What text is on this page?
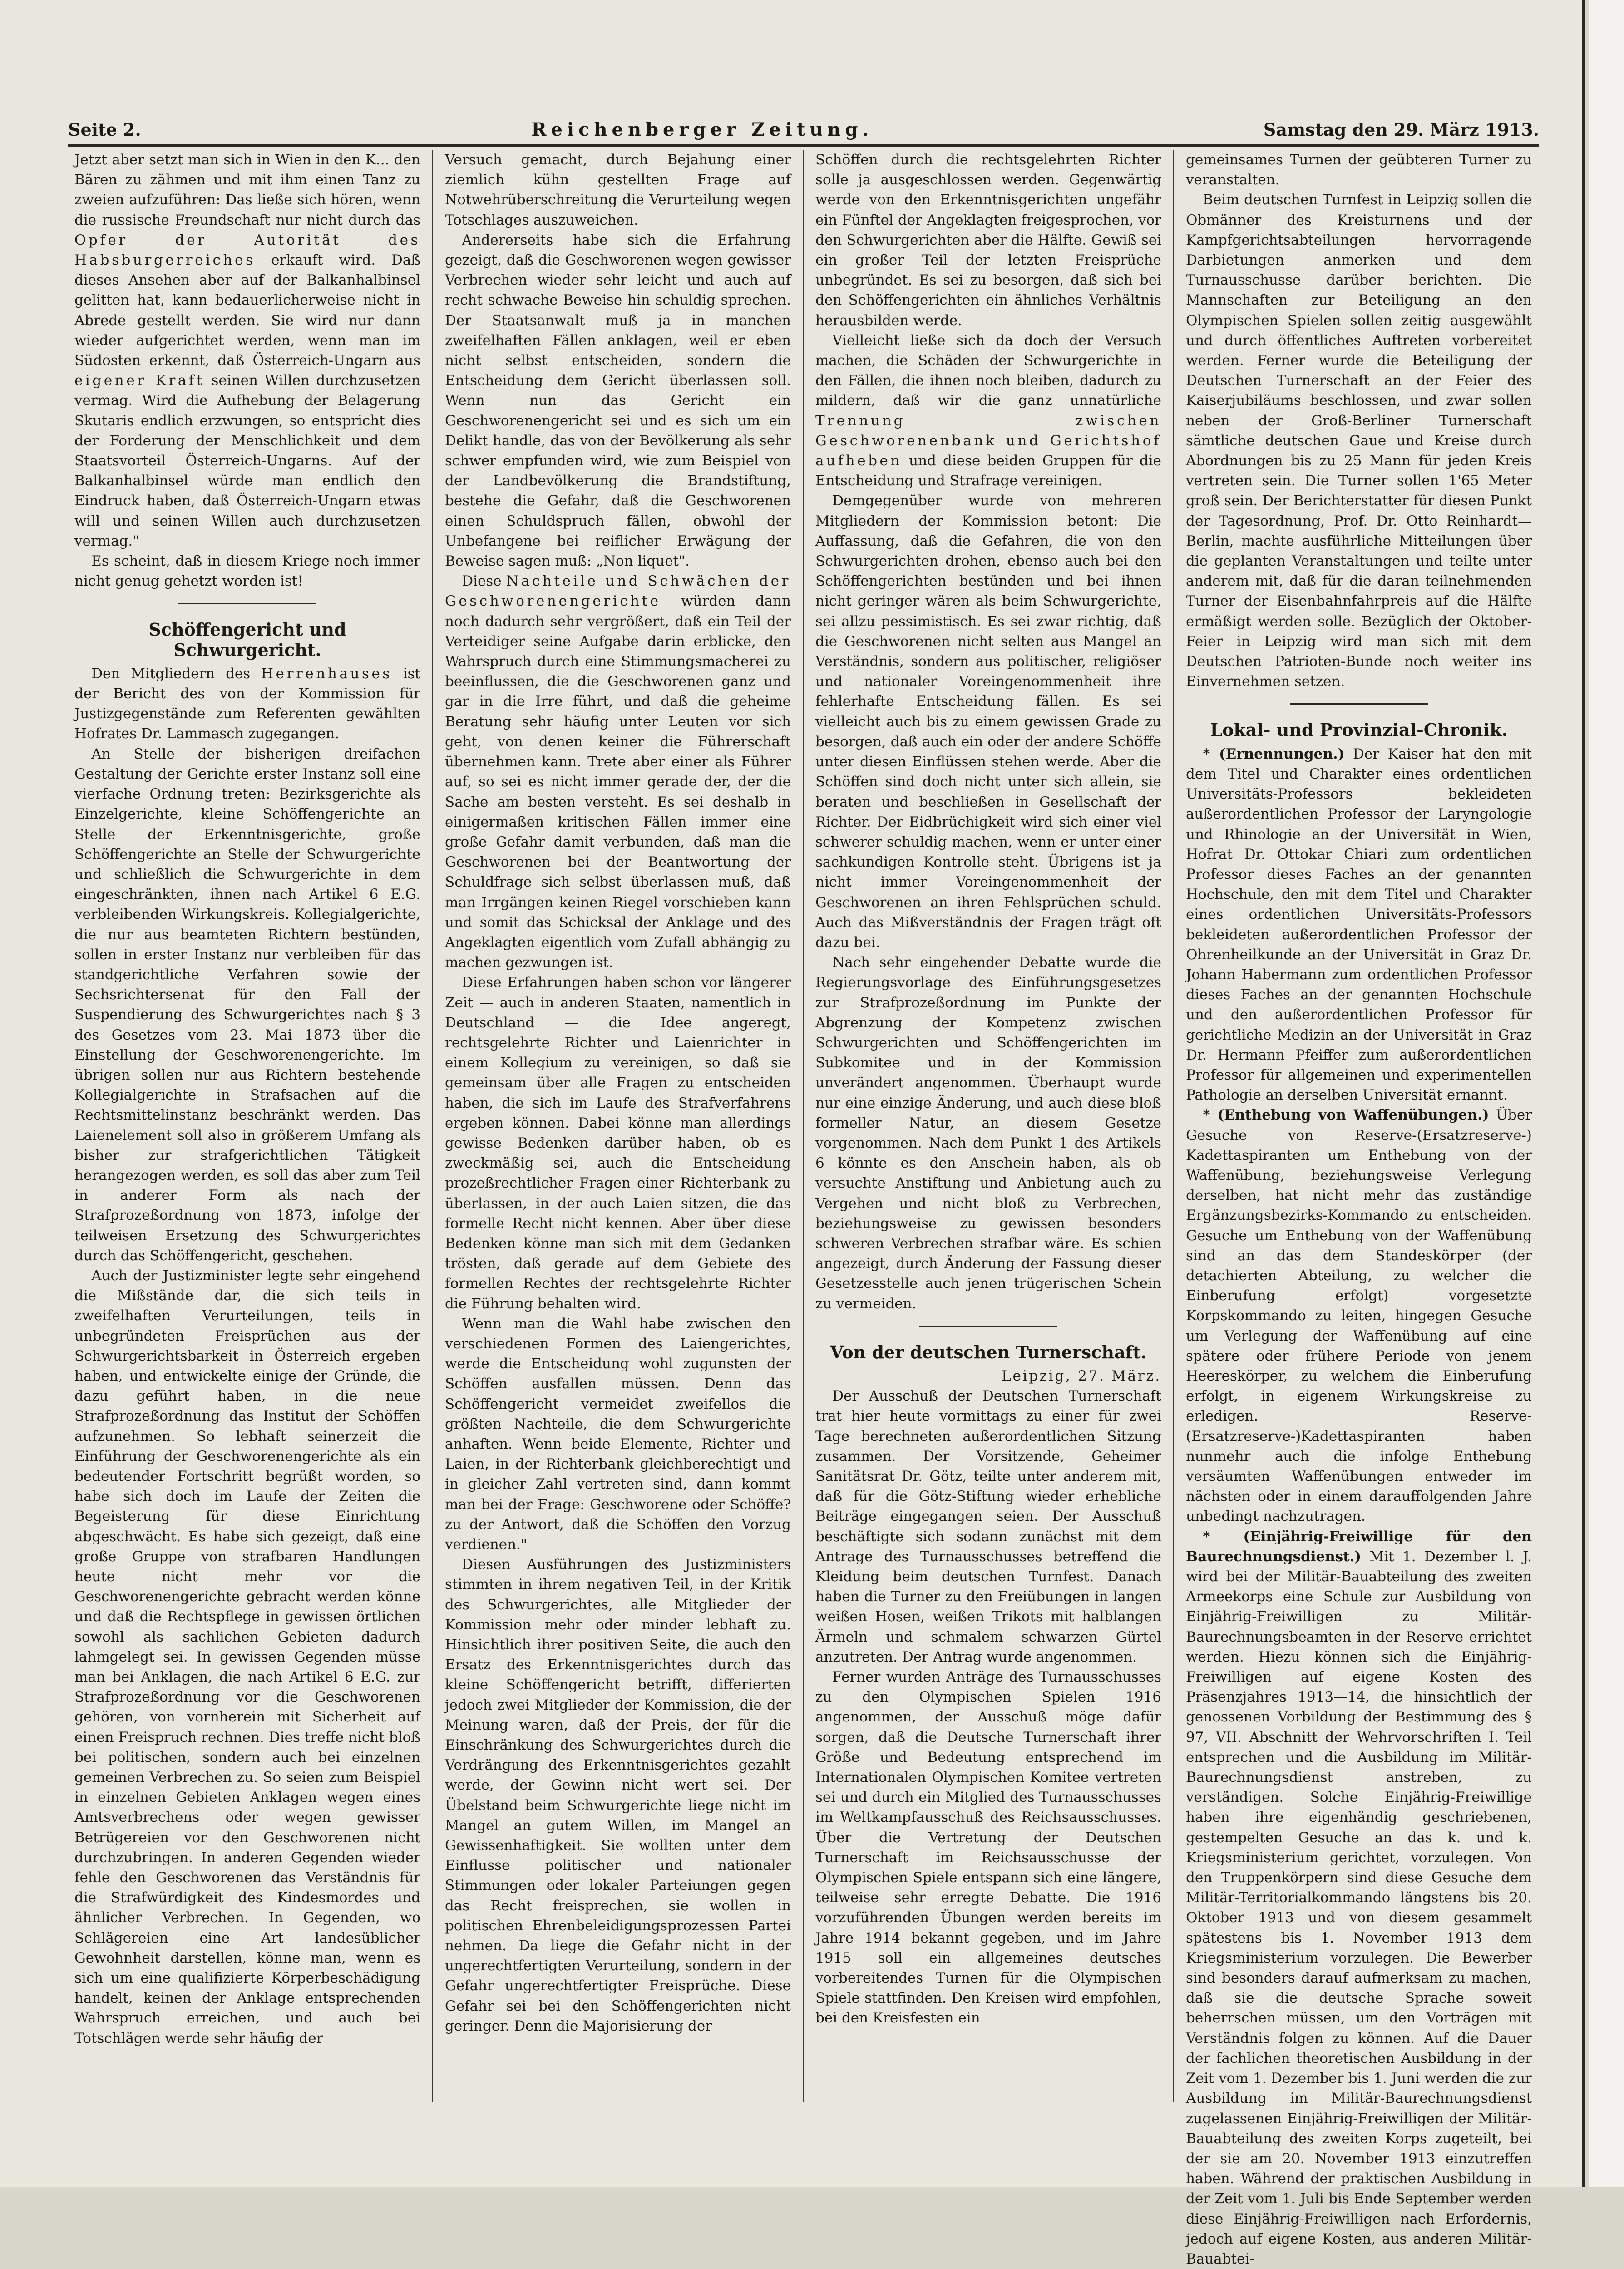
Seite 2.	Reichenberger Zeitung.	Samstag den 29. März 1913.

Jetzt aber setzt man sich in Wien in den K... den Bären zu zähmen und mit ihm einen Tanz zu zweien aufzuführen: Das ließe sich hören, wenn die russische Freundschaft nur nicht durch das Opfer der Autorität des Habsburgerreiches erkauft wird. Daß dieses Ansehen aber auf der Balkanhalbinsel gelitten hat, kann bedauerlicherweise nicht in Abrede gestellt werden. Sie wird nur dann wieder aufgerichtet werden, wenn man im Südosten erkennt, daß Österreich-Ungarn aus eigener Kraft seinen Willen durchzusetzen vermag. Wird die Aufhebung der Belagerung Skutaris endlich erzwungen, so entspricht dies der Forderung der Menschlichkeit und dem Staatsvorteil Österreich-Ungarns. Auf der Balkanhalbinsel würde man endlich den Eindruck haben, daß Österreich-Ungarn etwas will und seinen Willen auch durchzusetzen vermag."

Es scheint, daß in diesem Kriege noch immer nicht genug gehetzt worden ist!

Schöffengericht und Schwurgericht.

Den Mitgliedern des Herrenhauses ist der Bericht des von der Kommission für Justizgegenstände zum Referenten gewählten Hofrates Dr. Lammasch zugegangen.

An Stelle der bisherigen dreifachen Gestaltung der Gerichte erster Instanz soll eine vierfache Ordnung treten: Bezirksgerichte als Einzelgerichte, kleine Schöffengerichte an Stelle der Erkenntnisgerichte, große Schöffengerichte an Stelle der Schwurgerichte und schließlich die Schwurgerichte in dem eingeschränkten, ihnen nach Artikel 6 E.G. verbleibenden Wirkungskreis. Kollegialgerichte, die nur aus beamteten Richtern bestünden, sollen in erster Instanz nur verbleiben für das standgerichtliche Verfahren sowie der Sechsrichtersenat für den Fall der Suspendierung des Schwurgerichtes nach § 3 des Gesetzes vom 23. Mai 1873 über die Einstellung der Geschworenengerichte. Im übrigen sollen nur aus Richtern bestehende Kollegialgerichte in Strafsachen auf die Rechtsmittelinstanz beschränkt werden. Das Laienelement soll also in größerem Umfang als bisher zur strafgerichtlichen Tätigkeit herangezogen werden, es soll das aber zum Teil in anderer Form als nach der Strafprozeßordnung von 1873, infolge der teilweisen Ersetzung des Schwurgerichtes durch das Schöffengericht, geschehen.

Auch der Justizminister legte sehr eingehend die Mißstände dar, die sich teils in zweifelhaften Verurteilungen, teils in unbegründeten Freisprüchen aus der Schwurgerichtsbarkeit in Österreich ergeben haben, und entwickelte einige der Gründe, die dazu geführt haben, in die neue Strafprozeßordnung das Institut der Schöffen aufzunehmen. So lebhaft seinerzeit die Einführung der Geschworenengerichte als ein bedeutender Fortschritt begrüßt worden, so habe sich doch im Laufe der Zeiten die Begeisterung für diese Einrichtung abgeschwächt. Es habe sich gezeigt, daß eine große Gruppe von strafbaren Handlungen heute nicht mehr vor die Geschworenengerichte gebracht werden könne und daß die Rechtspflege in gewissen örtlichen sowohl als sachlichen Gebieten dadurch lahmgelegt sei. In gewissen Gegenden müsse man bei Anklagen, die nach Artikel 6 E.G. zur Strafprozeßordnung vor die Geschworenen gehören, von vornherein mit Sicherheit auf einen Freispruch rechnen. Dies treffe nicht bloß bei politischen, sondern auch bei einzelnen gemeinen Verbrechen zu. So seien zum Beispiel in einzelnen Gebieten Anklagen wegen eines Amtsverbrechens oder wegen gewisser Betrügereien vor den Geschworenen nicht durchzubringen. In anderen Gegenden wieder fehle den Geschworenen das Verständnis für die Strafwürdigkeit des Kindesmordes und ähnlicher Verbrechen. In Gegenden, wo Schlägereien eine Art landesüblicher Gewohnheit darstellen, könne man, wenn es sich um eine qualifizierte Körperbeschädigung handelt, keinen der Anklage entsprechenden Wahrspruch erreichen, und auch bei Totschlägen werde sehr häufig der

Versuch gemacht, durch Bejahung einer ziemlich kühn gestellten Frage auf Notwehrüberschreitung die Verurteilung wegen Totschlages auszuweichen.

Andererseits habe sich die Erfahrung gezeigt, daß die Geschworenen wegen gewisser Verbrechen wieder sehr leicht und auch auf recht schwache Beweise hin schuldig sprechen. Der Staatsanwalt muß ja in manchen zweifelhaften Fällen anklagen, weil er eben nicht selbst entscheiden, sondern die Entscheidung dem Gericht überlassen soll. Wenn nun das Gericht ein Geschworenengericht sei und es sich um ein Delikt handle, das von der Bevölkerung als sehr schwer empfunden wird, wie zum Beispiel von der Landbevölkerung die Brandstiftung, bestehe die Gefahr, daß die Geschworenen einen Schuldspruch fällen, obwohl der Unbefangene bei reiflicher Erwägung der Beweise sagen muß: „Non liquet".

Diese Nachteile und Schwächen der Geschworenengerichte würden dann noch dadurch sehr vergrößert, daß ein Teil der Verteidiger seine Aufgabe darin erblicke, den Wahrspruch durch eine Stimmungsmacherei zu beeinflussen, die die Geschworenen ganz und gar in die Irre führt, und daß die geheime Beratung sehr häufig unter Leuten vor sich geht, von denen keiner die Führerschaft übernehmen kann. Trete aber einer als Führer auf, so sei es nicht immer gerade der, der die Sache am besten versteht. Es sei deshalb in einigermaßen kritischen Fällen immer eine große Gefahr damit verbunden, daß man die Geschworenen bei der Beantwortung der Schuldfrage sich selbst überlassen muß, daß man Irrgängen keinen Riegel vorschieben kann und somit das Schicksal der Anklage und des Angeklagten eigentlich vom Zufall abhängig zu machen gezwungen ist.

Diese Erfahrungen haben schon vor längerer Zeit — auch in anderen Staaten, namentlich in Deutschland — die Idee angeregt, rechtsgelehrte Richter und Laienrichter in einem Kollegium zu vereinigen, so daß sie gemeinsam über alle Fragen zu entscheiden haben, die sich im Laufe des Strafverfahrens ergeben können. Dabei könne man allerdings gewisse Bedenken darüber haben, ob es zweckmäßig sei, auch die Entscheidung prozeßrechtlicher Fragen einer Richterbank zu überlassen, in der auch Laien sitzen, die das formelle Recht nicht kennen. Aber über diese Bedenken könne man sich mit dem Gedanken trösten, daß gerade auf dem Gebiete des formellen Rechtes der rechtsgelehrte Richter die Führung behalten wird.

Wenn man die Wahl habe zwischen den verschiedenen Formen des Laiengerichtes, werde die Entscheidung wohl zugunsten der Schöffen ausfallen müssen. Denn das Schöffengericht vermeidet zweifellos die größten Nachteile, die dem Schwurgerichte anhaften. Wenn beide Elemente, Richter und Laien, in der Richterbank gleichberechtigt und in gleicher Zahl vertreten sind, dann kommt man bei der Frage: Geschworene oder Schöffe? zu der Antwort, daß die Schöffen den Vorzug verdienen."

Diesen Ausführungen des Justizministers stimmten in ihrem negativen Teil, in der Kritik des Schwurgerichtes, alle Mitglieder der Kommission mehr oder minder lebhaft zu. Hinsichtlich ihrer positiven Seite, die auch den Ersatz des Erkenntnisgerichtes durch das kleine Schöffengericht betrifft, differierten jedoch zwei Mitglieder der Kommission, die der Meinung waren, daß der Preis, der für die Einschränkung des Schwurgerichtes durch die Verdrängung des Erkenntnisgerichtes gezahlt werde, der Gewinn nicht wert sei. Der Übelstand beim Schwurgerichte liege nicht im Mangel an gutem Willen, im Mangel an Gewissenhaftigkeit. Sie wollten unter dem Einflusse politischer und nationaler Stimmungen oder lokaler Parteiungen gegen das Recht freisprechen, sie wollen in politischen Ehrenbeleidigungsprozessen Partei nehmen. Da liege die Gefahr nicht in der ungerechtfertigten Verurteilung, sondern in der Gefahr ungerechtfertigter Freisprüche. Diese Gefahr sei bei den Schöffengerichten nicht geringer. Denn die Majorisierung der

Schöffen durch die rechtsgelehrten Richter solle ja ausgeschlossen werden. Gegenwärtig werde von den Erkenntnisgerichten ungefähr ein Fünftel der Angeklagten freigesprochen, vor den Schwurgerichten aber die Hälfte. Gewiß sei ein großer Teil der letzten Freisprüche unbegründet. Es sei zu besorgen, daß sich bei den Schöffengerichten ein ähnliches Verhältnis herausbilden werde.

Vielleicht ließe sich da doch der Versuch machen, die Schäden der Schwurgerichte in den Fällen, die ihnen noch bleiben, dadurch zu mildern, daß wir die ganz unnatürliche Trennung zwischen Geschworenenbank und Gerichtshof aufheben und diese beiden Gruppen für die Entscheidung und Strafrage vereinigen.

Demgegenüber wurde von mehreren Mitgliedern der Kommission betont: Die Auffassung, daß die Gefahren, die von den Schwurgerichten drohen, ebenso auch bei den Schöffengerichten bestünden und bei ihnen nicht geringer wären als beim Schwurgerichte, sei allzu pessimistisch. Es sei zwar richtig, daß die Geschworenen nicht selten aus Mangel an Verständnis, sondern aus politischer, religiöser und nationaler Voreingenommenheit ihre fehlerhafte Entscheidung fällen. Es sei vielleicht auch bis zu einem gewissen Grade zu besorgen, daß auch ein oder der andere Schöffe unter diesen Einflüssen stehen werde. Aber die Schöffen sind doch nicht unter sich allein, sie beraten und beschließen in Gesellschaft der Richter. Der Eidbrüchigkeit wird sich einer viel schwerer schuldig machen, wenn er unter einer sachkundigen Kontrolle steht. Übrigens ist ja nicht immer Voreingenommenheit der Geschworenen an ihren Fehlsprüchen schuld. Auch das Mißverständnis der Fragen trägt oft dazu bei.

Nach sehr eingehender Debatte wurde die Regierungsvorlage des Einführungsgesetzes zur Strafprozeßordnung im Punkte der Abgrenzung der Kompetenz zwischen Schwurgerichten und Schöffengerichten im Subkomitee und in der Kommission unverändert angenommen. Überhaupt wurde nur eine einzige Änderung, und auch diese bloß formeller Natur, an diesem Gesetze vorgenommen. Nach dem Punkt 1 des Artikels 6 könnte es den Anschein haben, als ob versuchte Anstiftung und Anbietung auch zu Vergehen und nicht bloß zu Verbrechen, beziehungsweise zu gewissen besonders schweren Verbrechen strafbar wäre. Es schien angezeigt, durch Änderung der Fassung dieser Gesetzesstelle auch jenen trügerischen Schein zu vermeiden.

Von der deutschen Turnerschaft.

Leipzig, 27. März.

Der Ausschuß der Deutschen Turnerschaft trat hier heute vormittags zu einer für zwei Tage berechneten außerordentlichen Sitzung zusammen. Der Vorsitzende, Geheimer Sanitätsrat Dr. Götz, teilte unter anderem mit, daß für die Götz-Stiftung wieder erhebliche Beiträge eingegangen seien. Der Ausschuß beschäftigte sich sodann zunächst mit dem Antrage des Turnausschusses betreffend die Kleidung beim deutschen Turnfest. Danach haben die Turner zu den Freiübungen in langen weißen Hosen, weißen Trikots mit halblangen Ärmeln und schmalem schwarzen Gürtel anzutreten. Der Antrag wurde angenommen.

Ferner wurden Anträge des Turnausschusses zu den Olympischen Spielen 1916 angenommen, der Ausschuß möge dafür sorgen, daß die Deutsche Turnerschaft ihrer Größe und Bedeutung entsprechend im Internationalen Olympischen Komitee vertreten sei und durch ein Mitglied des Turnausschusses im Weltkampfausschuß des Reichsausschusses. Über die Vertretung der Deutschen Turnerschaft im Reichsausschusse der Olympischen Spiele entspann sich eine längere, teilweise sehr erregte Debatte. Die 1916 vorzuführenden Übungen werden bereits im Jahre 1914 bekannt gegeben, und im Jahre 1915 soll ein allgemeines deutsches vorbereitendes Turnen für die Olympischen Spiele stattfinden. Den Kreisen wird empfohlen, bei den Kreisfesten ein

gemeinsames Turnen der geübteren Turner zu veranstalten.

Beim deutschen Turnfest in Leipzig sollen die Obmänner des Kreisturnens und der Kampfgerichtsabteilungen hervorragende Darbietungen anmerken und dem Turnausschusse darüber berichten. Die Mannschaften zur Beteiligung an den Olympischen Spielen sollen zeitig ausgewählt und durch öffentliches Auftreten vorbereitet werden. Ferner wurde die Beteiligung der Deutschen Turnerschaft an der Feier des Kaiserjubiläums beschlossen, und zwar sollen neben der Groß-Berliner Turnerschaft sämtliche deutschen Gaue und Kreise durch Abordnungen bis zu 25 Mann für jeden Kreis vertreten sein. Die Turner sollen 1'65 Meter groß sein. Der Berichterstatter für diesen Punkt der Tagesordnung, Prof. Dr. Otto Reinhardt—Berlin, machte ausführliche Mitteilungen über die geplanten Veranstaltungen und teilte unter anderem mit, daß für die daran teilnehmenden Turner der Eisenbahnfahrpreis auf die Hälfte ermäßigt werden solle. Bezüglich der Oktober-Feier in Leipzig wird man sich mit dem Deutschen Patrioten-Bunde noch weiter ins Einvernehmen setzen.

Lokal- und Provinzial-Chronik.

* (Ernennungen.) Der Kaiser hat den mit dem Titel und Charakter eines ordentlichen Universitäts-Professors bekleideten außerordentlichen Professor der Laryngologie und Rhinologie an der Universität in Wien, Hofrat Dr. Ottokar Chiari zum ordentlichen Professor dieses Faches an der genannten Hochschule, den mit dem Titel und Charakter eines ordentlichen Universitäts-Professors bekleideten außerordentlichen Professor der Ohrenheilkunde an der Universität in Graz Dr. Johann Habermann zum ordentlichen Professor dieses Faches an der genannten Hochschule und den außerordentlichen Professor für gerichtliche Medizin an der Universität in Graz Dr. Hermann Pfeiffer zum außerordentlichen Professor für allgemeinen und experimentellen Pathologie an derselben Universität ernannt.

* (Enthebung von Waffenübungen.) Über Gesuche von Reserve-(Ersatzreserve-) Kadettaspiranten um Enthebung von der Waffenübung, beziehungsweise Verlegung derselben, hat nicht mehr das zuständige Ergänzungsbezirks-Kommando zu entscheiden. Gesuche um Enthebung von der Waffenübung sind an das dem Standeskörper (der detachierten Abteilung, zu welcher die Einberufung erfolgt) vorgesetzte Korpskommando zu leiten, hingegen Gesuche um Verlegung der Waffenübung auf eine spätere oder frühere Periode von jenem Heereskörper, zu welchem die Einberufung erfolgt, in eigenem Wirkungskreise zu erledigen. Reserve-(Ersatzreserve-)Kadettaspiranten haben nunmehr auch die infolge Enthebung versäumten Waffenübungen entweder im nächsten oder in einem darauffolgenden Jahre unbedingt nachzutragen.

* (Einjährig-Freiwillige für den Baurechnungsdienst.) Mit 1. Dezember l. J. wird bei der Militär-Bauabteilung des zweiten Armeekorps eine Schule zur Ausbildung von Einjährig-Freiwilligen zu Militär-Baurechnungsbeamten in der Reserve errichtet werden. Hiezu können sich die Einjährig-Freiwilligen auf eigene Kosten des Präsenzjahres 1913—14, die hinsichtlich der genossenen Vorbildung der Bestimmung des § 97, VII. Abschnitt der Wehrvorschriften I. Teil entsprechen und die Ausbildung im Militär-Baurechnungsdienst anstreben, zu verständigen. Solche Einjährig-Freiwillige haben ihre eigenhändig geschriebenen, gestempelten Gesuche an das k. und k. Kriegsministerium gerichtet, vorzulegen. Von den Truppenkörpern sind diese Gesuche dem Militär-Territorialkommando längstens bis 20. Oktober 1913 und von diesem gesammelt spätestens bis 1. November 1913 dem Kriegsministerium vorzulegen. Die Bewerber sind besonders darauf aufmerksam zu machen, daß sie die deutsche Sprache soweit beherrschen müssen, um den Vorträgen mit Verständnis folgen zu können. Auf die Dauer der fachlichen theoretischen Ausbildung in der Zeit vom 1. Dezember bis 1. Juni werden die zur Ausbildung im Militär-Baurechnungsdienst zugelassenen Einjährig-Freiwilligen der Militär-Bauabteilung des zweiten Korps zugeteilt, bei der sie am 20. November 1913 einzutreffen haben. Während der praktischen Ausbildung in der Zeit vom 1. Juli bis Ende September werden diese Einjährig-Freiwilligen nach Erfordernis, jedoch auf eigene Kosten, aus anderen Militär-Bauabtei-
